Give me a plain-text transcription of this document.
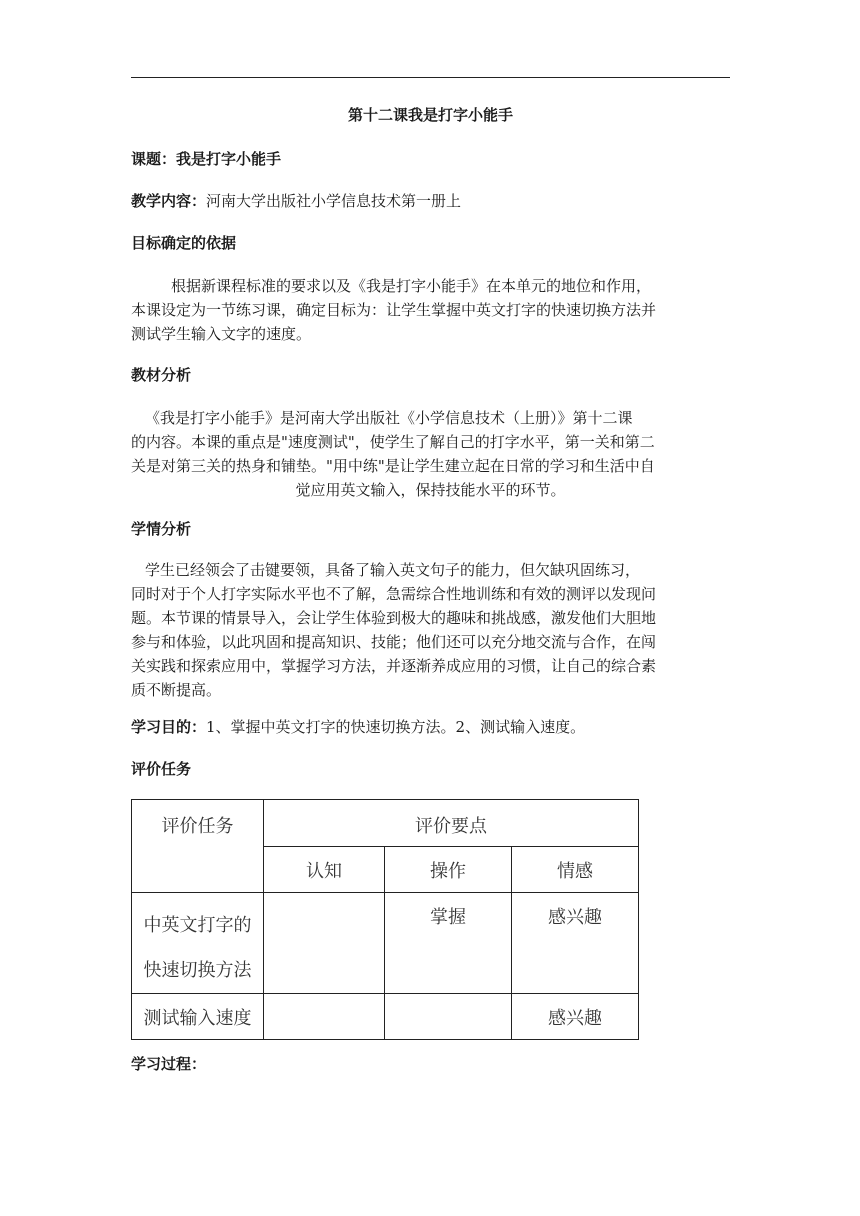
第十二课我是打字小能手
课题：我是打字小能手
教学内容：河南大学出版社小学信息技术第一册上
目标确定的依据

根据新课程标准的要求以及《我是打字小能手》在本单元的地位和作用，

本课设定为一节练习课，确定目标为：让学生掌握中英文打字的快速切换方法并

测试学生输入文字的速度。

教材分析

《我是打字小能手》是河南大学出版社《小学信息技术（上册）》第十二课

的内容。本课的重点是"速度测试"，使学生了解自己的打字水平，第一关和第二

关是对第三关的热身和铺垫。"用中练"是让学生建立起在日常的学习和生活中自

觉应用英文输入，保持技能水平的环节。

学情分析

学生已经领会了击键要领，具备了输入英文句子的能力，但欠缺巩固练习，

同时对于个人打字实际水平也不了解，急需综合性地训练和有效的测评以发现问

题。本节课的情景导入，会让学生体验到极大的趣味和挑战感，激发他们大胆地

参与和体验，以此巩固和提高知识、技能；他们还可以充分地交流与合作，在闯

关实践和探索应用中，掌握学习方法，并逐渐养成应用的习惯，让自己的综合素

质不断提高。

学习目的：1、掌握中英文打字的快速切换方法。2、测试输入速度。
评价任务
评价任务	评价要点		
	认知	操作	情感

中英文打字的
快速切换方法		掌握	感兴趣
测试输入速度			感兴趣
学习过程：
